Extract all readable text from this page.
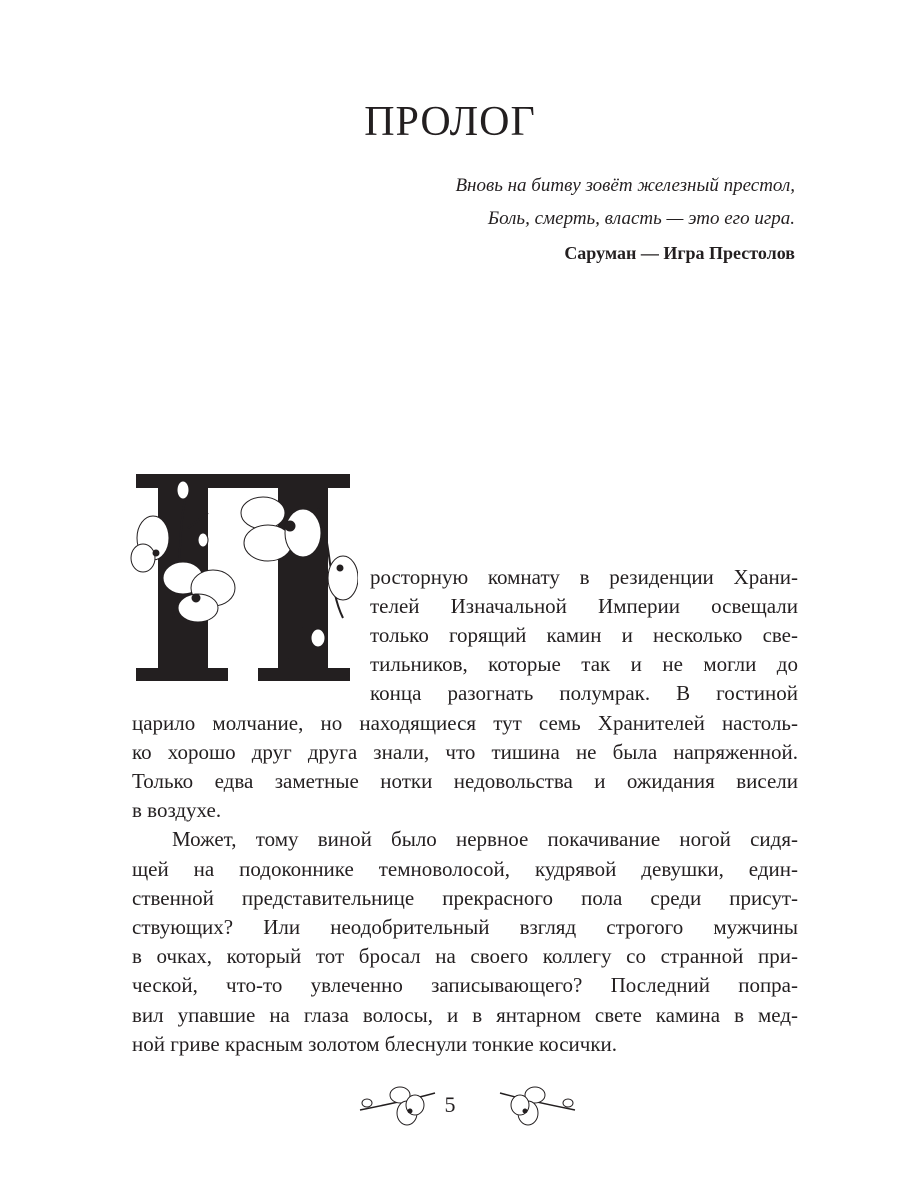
ПРОЛОГ
Вновь на битву зовёт железный престол,
Боль, смерть, власть — это его игра.
Саруман — Игра Престолов
росторную комнату в резиденции Храни-
телей Изначальной Империи освещали
только горящий камин и несколько све-
тильников, которые так и не могли до
конца разогнать полумрак. В гостиной
царило молчание, но находящиеся тут семь Хранителей настоль-
ко хорошо друг друга знали, что тишина не была напряженной.
Только едва заметные нотки недовольства и ожидания висели
в воздухе.
Может, тому виной было нервное покачивание ногой сидя-
щей на подоконнике темноволосой, кудрявой девушки, един-
ственной представительнице прекрасного пола среди присут-
ствующих? Или неодобрительный взгляд строгого мужчины
в очках, который тот бросал на своего коллегу со странной при-
ческой, что-то увлеченно записывающего? Последний попра-
вил упавшие на глаза волосы, и в янтарном свете камина в мед-
ной гриве красным золотом блеснули тонкие косички.
5
